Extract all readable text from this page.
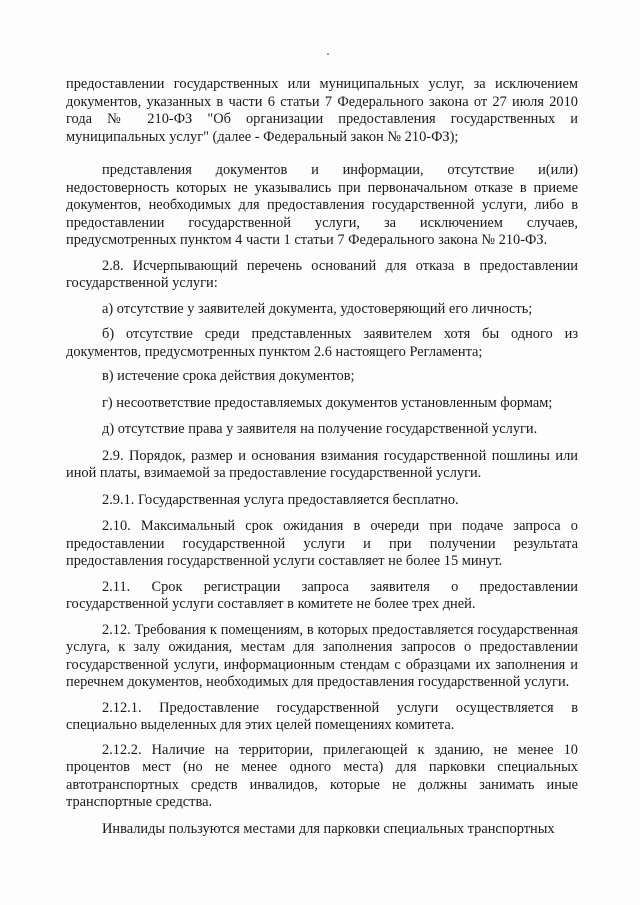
предоставлении государственных или муниципальных услуг, за исключением документов, указанных в части 6 статьи 7 Федерального закона от 27 июля 2010 года № 210-ФЗ "Об организации предоставления государственных и муниципальных услуг" (далее - Федеральный закон № 210-ФЗ);

представления документов и информации, отсутствие и(или) недостоверность которых не указывались при первоначальном отказе в приеме документов, необходимых для предоставления государственной услуги, либо в предоставлении государственной услуги, за исключением случаев, предусмотренных пунктом 4 части 1 статьи 7 Федерального закона № 210-ФЗ.

2.8. Исчерпывающий перечень оснований для отказа в предоставлении государственной услуги:

а) отсутствие у заявителей документа, удостоверяющий его личность;

б) отсутствие среди представленных заявителем хотя бы одного из документов, предусмотренных пунктом 2.6 настоящего Регламента;

в) истечение срока действия документов;

г) несоответствие предоставляемых документов установленным формам;

д) отсутствие права у заявителя на получение государственной услуги.

2.9. Порядок, размер и основания взимания государственной пошлины или иной платы, взимаемой за предоставление государственной услуги.

2.9.1. Государственная услуга предоставляется бесплатно.

2.10. Максимальный срок ожидания в очереди при подаче запроса о предоставлении государственной услуги и при получении результата предоставления государственной услуги составляет не более 15 минут.

2.11. Срок регистрации запроса заявителя о предоставлении государственной услуги составляет в комитете не более трех дней.

2.12. Требования к помещениям, в которых предоставляется государственная услуга, к залу ожидания, местам для заполнения запросов о предоставлении государственной услуги, информационным стендам с образцами их заполнения и перечнем документов, необходимых для предоставления государственной услуги.

2.12.1. Предоставление государственной услуги осуществляется в специально выделенных для этих целей помещениях комитета.

2.12.2. Наличие на территории, прилегающей к зданию, не менее 10 процентов мест (но не менее одного места) для парковки специальных автотранспортных средств инвалидов, которые не должны занимать иные транспортные средства.

Инвалиды пользуются местами для парковки специальных транспортных
